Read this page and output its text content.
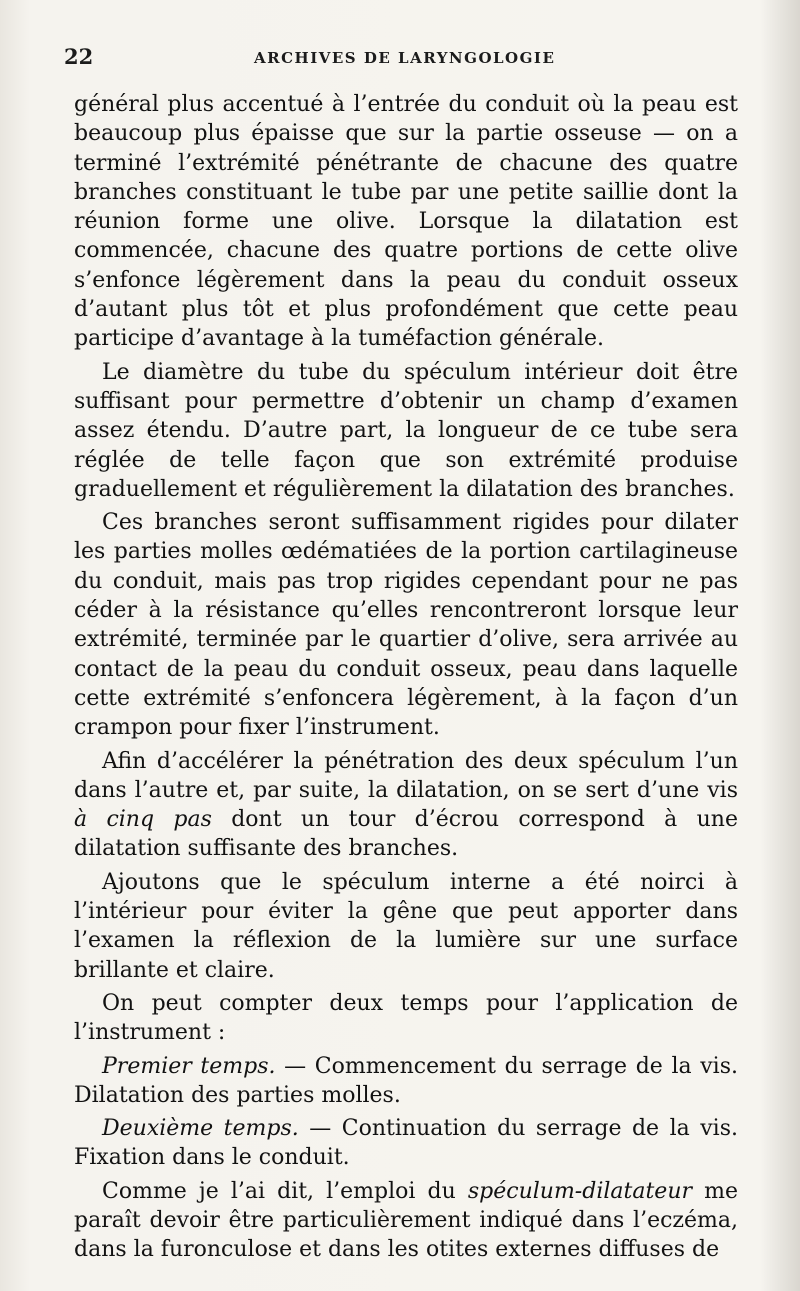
22	ARCHIVES DE LARYNGOLOGIE

général plus accentué à l’entrée du conduit où la peau est beaucoup plus épaisse que sur la partie osseuse — on a terminé l’extrémité pénétrante de chacune des quatre branches constituant le tube par une petite saillie dont la réunion forme une olive. Lorsque la dilatation est commencée, chacune des quatre portions de cette olive s’enfonce légèrement dans la peau du conduit osseux d’autant plus tôt et plus profondément que cette peau participe d’avantage à la tuméfaction générale.

Le diamètre du tube du spéculum intérieur doit être suffisant pour permettre d’obtenir un champ d’examen assez étendu. D’autre part, la longueur de ce tube sera réglée de telle façon que son extrémité produise graduellement et régulièrement la dilatation des branches.

Ces branches seront suffisamment rigides pour dilater les parties molles œdématiées de la portion cartilagineuse du conduit, mais pas trop rigides cependant pour ne pas céder à la résistance qu’elles rencontreront lorsque leur extrémité, terminée par le quartier d’olive, sera arrivée au contact de la peau du conduit osseux, peau dans laquelle cette extrémité s’enfoncera légèrement, à la façon d’un crampon pour fixer l’instrument.

Afin d’accélérer la pénétration des deux spéculum l’un dans l’autre et, par suite, la dilatation, on se sert d’une vis à cinq pas dont un tour d’écrou correspond à une dilatation suffisante des branches.

Ajoutons que le spéculum interne a été noirci à l’intérieur pour éviter la gêne que peut apporter dans l’examen la réflexion de la lumière sur une surface brillante et claire.

On peut compter deux temps pour l’application de l’instrument :

Premier temps. — Commencement du serrage de la vis. Dilatation des parties molles.

Deuxième temps. — Continuation du serrage de la vis. Fixation dans le conduit.

Comme je l’ai dit, l’emploi du spéculum-dilatateur me paraît devoir être particulièrement indiqué dans l’eczéma, dans la furonculose et dans les otites externes diffuses de
